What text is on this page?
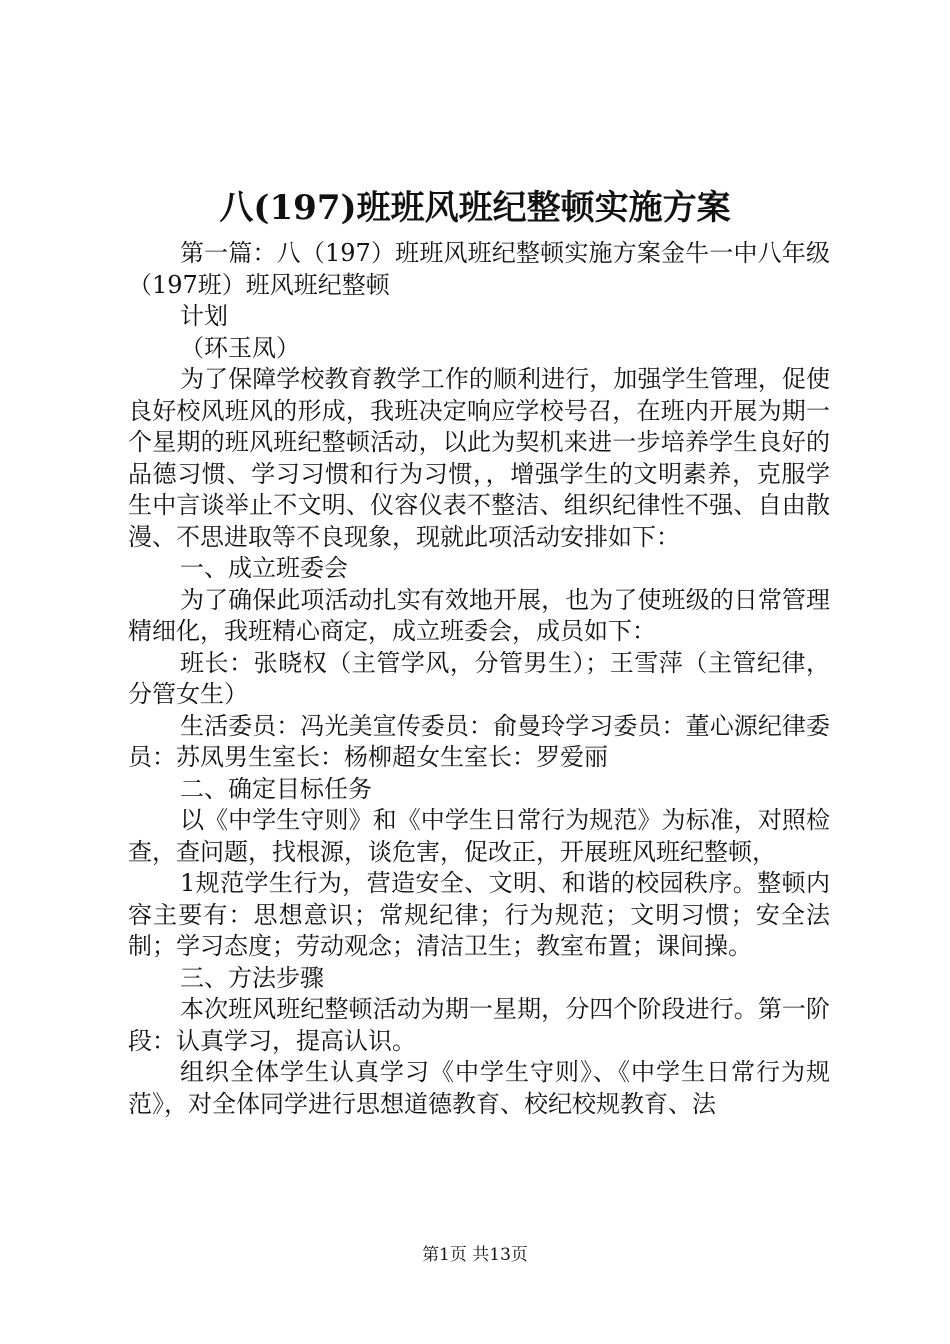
八(197)班班风班纪整顿实施方案

第一篇：八（197）班班风班纪整顿实施方案金牛一中八年级（197班）班风班纪整顿

计划

（环玉凤）

为了保障学校教育教学工作的顺利进行，加强学生管理，促使良好校风班风的形成，我班决定响应学校号召，在班内开展为期一个星期的班风班纪整顿活动，以此为契机来进一步培养学生良好的品德习惯、学习习惯和行为习惯，，增强学生的文明素养，克服学生中言谈举止不文明、仪容仪表不整洁、组织纪律性不强、自由散漫、不思进取等不良现象，现就此项活动安排如下：

一、成立班委会

为了确保此项活动扎实有效地开展，也为了使班级的日常管理精细化，我班精心商定，成立班委会，成员如下：

班长：张晓权（主管学风，分管男生）；王雪萍（主管纪律，分管女生）

生活委员：冯光美宣传委员：俞曼玲学习委员：董心源纪律委员：苏凤男生室长：杨柳超女生室长：罗爱丽

二、确定目标任务

以《中学生守则》和《中学生日常行为规范》为标准，对照检查，查问题，找根源，谈危害，促改正，开展班风班纪整顿，

1规范学生行为，营造安全、文明、和谐的校园秩序。整顿内容主要有：思想意识；常规纪律；行为规范；文明习惯；安全法制；学习态度；劳动观念；清洁卫生；教室布置；课间操。

三、方法步骤

本次班风班纪整顿活动为期一星期，分四个阶段进行。第一阶段：认真学习，提高认识。

组织全体学生认真学习《中学生守则》、《中学生日常行为规范》，对全体同学进行思想道德教育、校纪校规教育、法

第1页 共13页
